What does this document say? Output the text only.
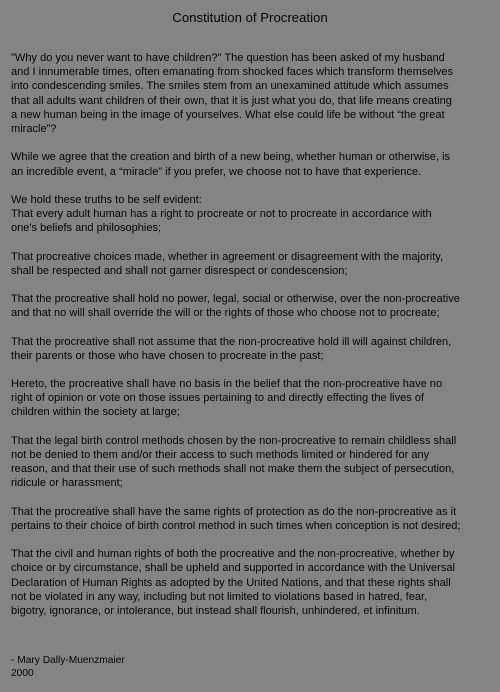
Constitution of Procreation

"Why do you never want to have children?" The question has been asked of my husband
and I innumerable times, often emanating from shocked faces which transform themselves
into condescending smiles. The smiles stem from an unexamined attitude which assumes
that all adults want children of their own, that it is just what you do, that life means creating
a new human being in the image of yourselves. What else could life be without “the great
miracle”?

While we agree that the creation and birth of a new being, whether human or otherwise, is
an incredible event, a “miracle” if you prefer, we choose not to have that experience.

We hold these truths to be self evident:
That every adult human has a right to procreate or not to procreate in accordance with
one's beliefs and philosophies;

That procreative choices made, whether in agreement or disagreement with the majority,
shall be respected and shall not garner disrespect or condescension;

That the procreative shall hold no power, legal, social or otherwise, over the non-procreative
and that no will shall override the will or the rights of those who choose not to procreate;

That the procreative shall not assume that the non-procreative hold ill will against children,
their parents or those who have chosen to procreate in the past;

Hereto, the procreative shall have no basis in the belief that the non-procreative have no
right of opinion or vote on those issues pertaining to and directly effecting the lives of
children within the society at large;

That the legal birth control methods chosen by the non-procreative to remain childless shall
not be denied to them and/or their access to such methods limited or hindered for any
reason, and that their use of such methods shall not make them the subject of persecution,
ridicule or harassment;

That the procreative shall have the same rights of protection as do the non-procreative as it
pertains to their choice of birth control method in such times when conception is not desired;

That the civil and human rights of both the procreative and the non-procreative, whether by
choice or by circumstance, shall be upheld and supported in accordance with the Universal
Declaration of Human Rights as adopted by the United Nations, and that these rights shall
not be violated in any way, including but not limited to violations based in hatred, fear,
bigotry, ignorance, or intolerance, but instead shall flourish, unhindered, et infinitum.

- Mary Dally-Muenzmaier
2000
